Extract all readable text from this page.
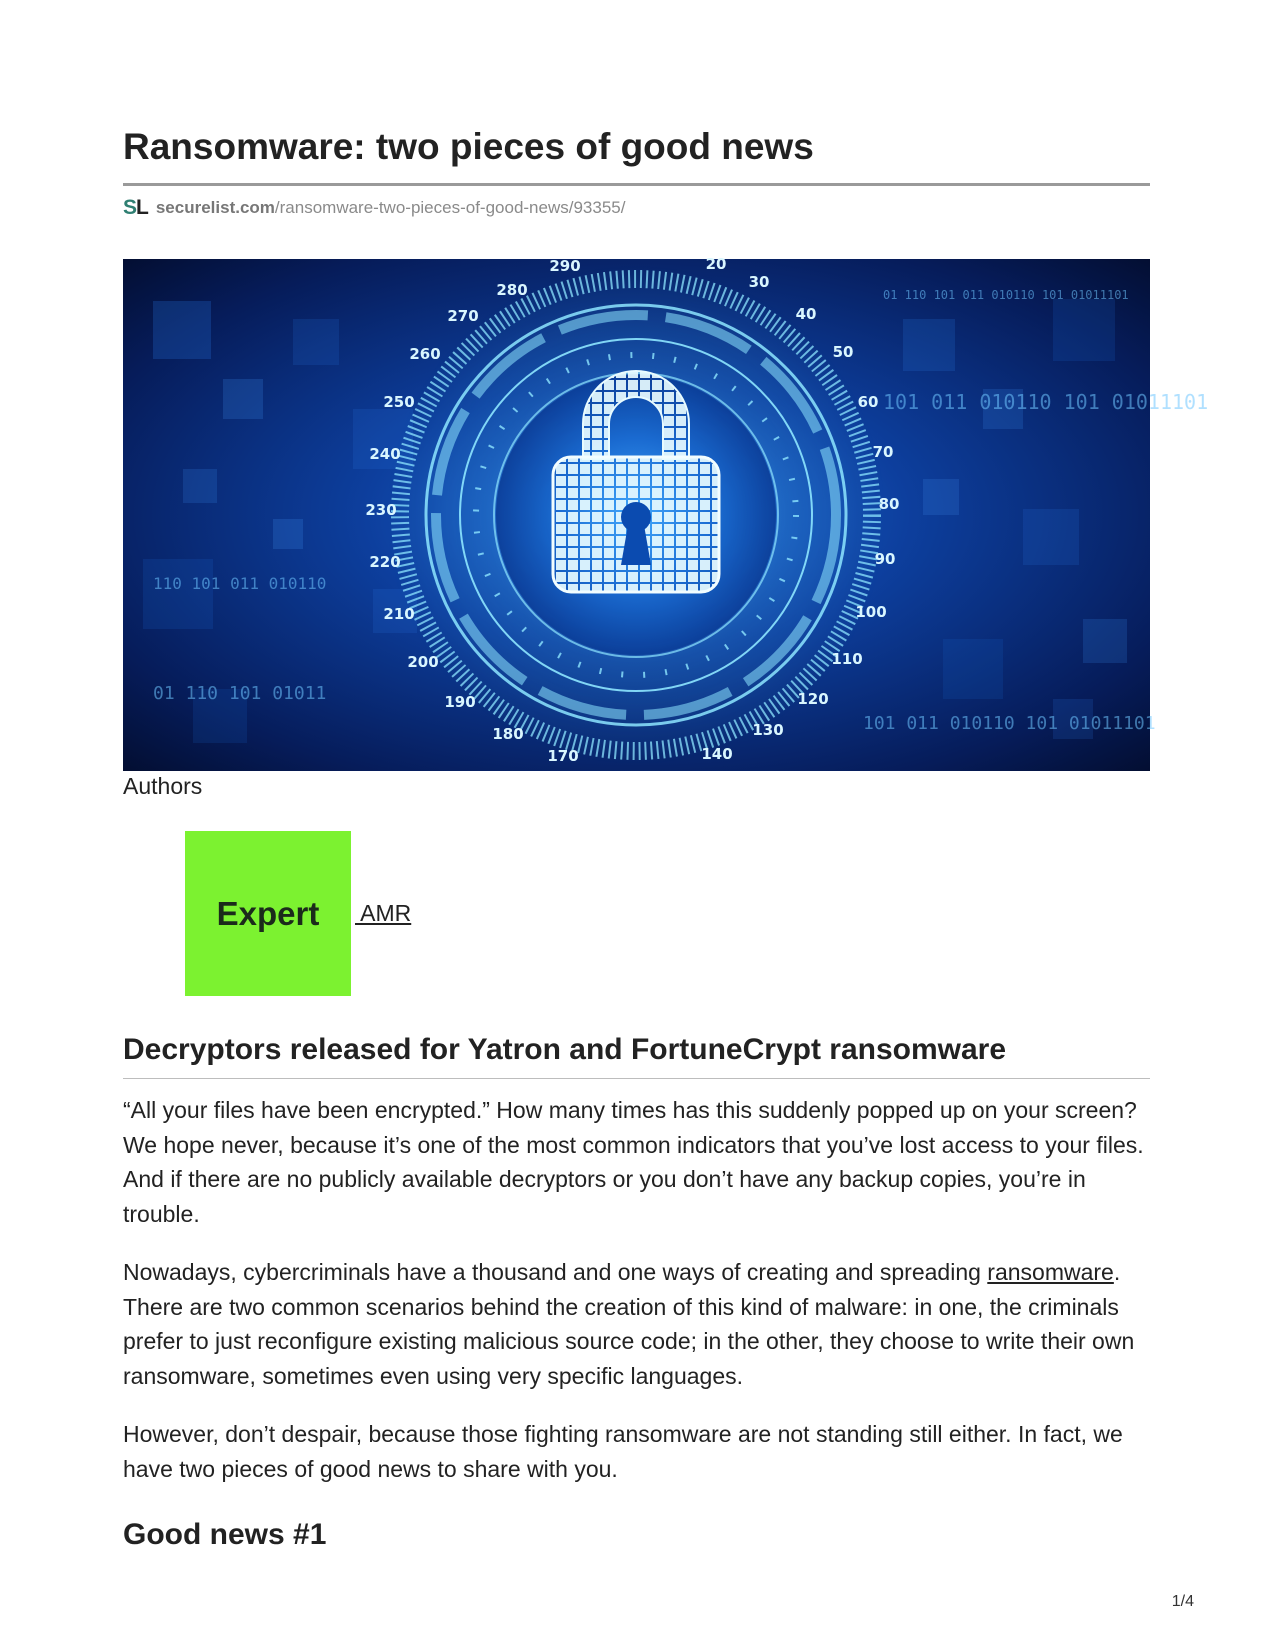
Ransomware: two pieces of good news
SL securelist.com/ransomware-two-pieces-of-good-news/93355/
01 110 101 011 010110 101 01011101
101 011 010110 101 01011101
110 101 011 010110
101 011 010110 101 01011101
01 110 101 01011
280
290	20
30
40
50
60
70
80
90
100
110
120
130
140
170
180
190
200
210
220
230
240
250
260
270
Authors
Expert AMR
Decryptors released for Yatron and FortuneCrypt ransomware

“All your files have been encrypted.” How many times has this suddenly popped up on your screen? We hope never, because it’s one of the most common indicators that you’ve lost access to your files. And if there are no publicly available decryptors or you don’t have any backup copies, you’re in trouble.

Nowadays, cybercriminals have a thousand and one ways of creating and spreading ransomware. There are two common scenarios behind the creation of this kind of malware: in one, the criminals prefer to just reconfigure existing malicious source code; in the other, they choose to write their own ransomware, sometimes even using very specific languages.

However, don’t despair, because those fighting ransomware are not standing still either. In fact, we have two pieces of good news to share with you.

Good news #1
1/4
